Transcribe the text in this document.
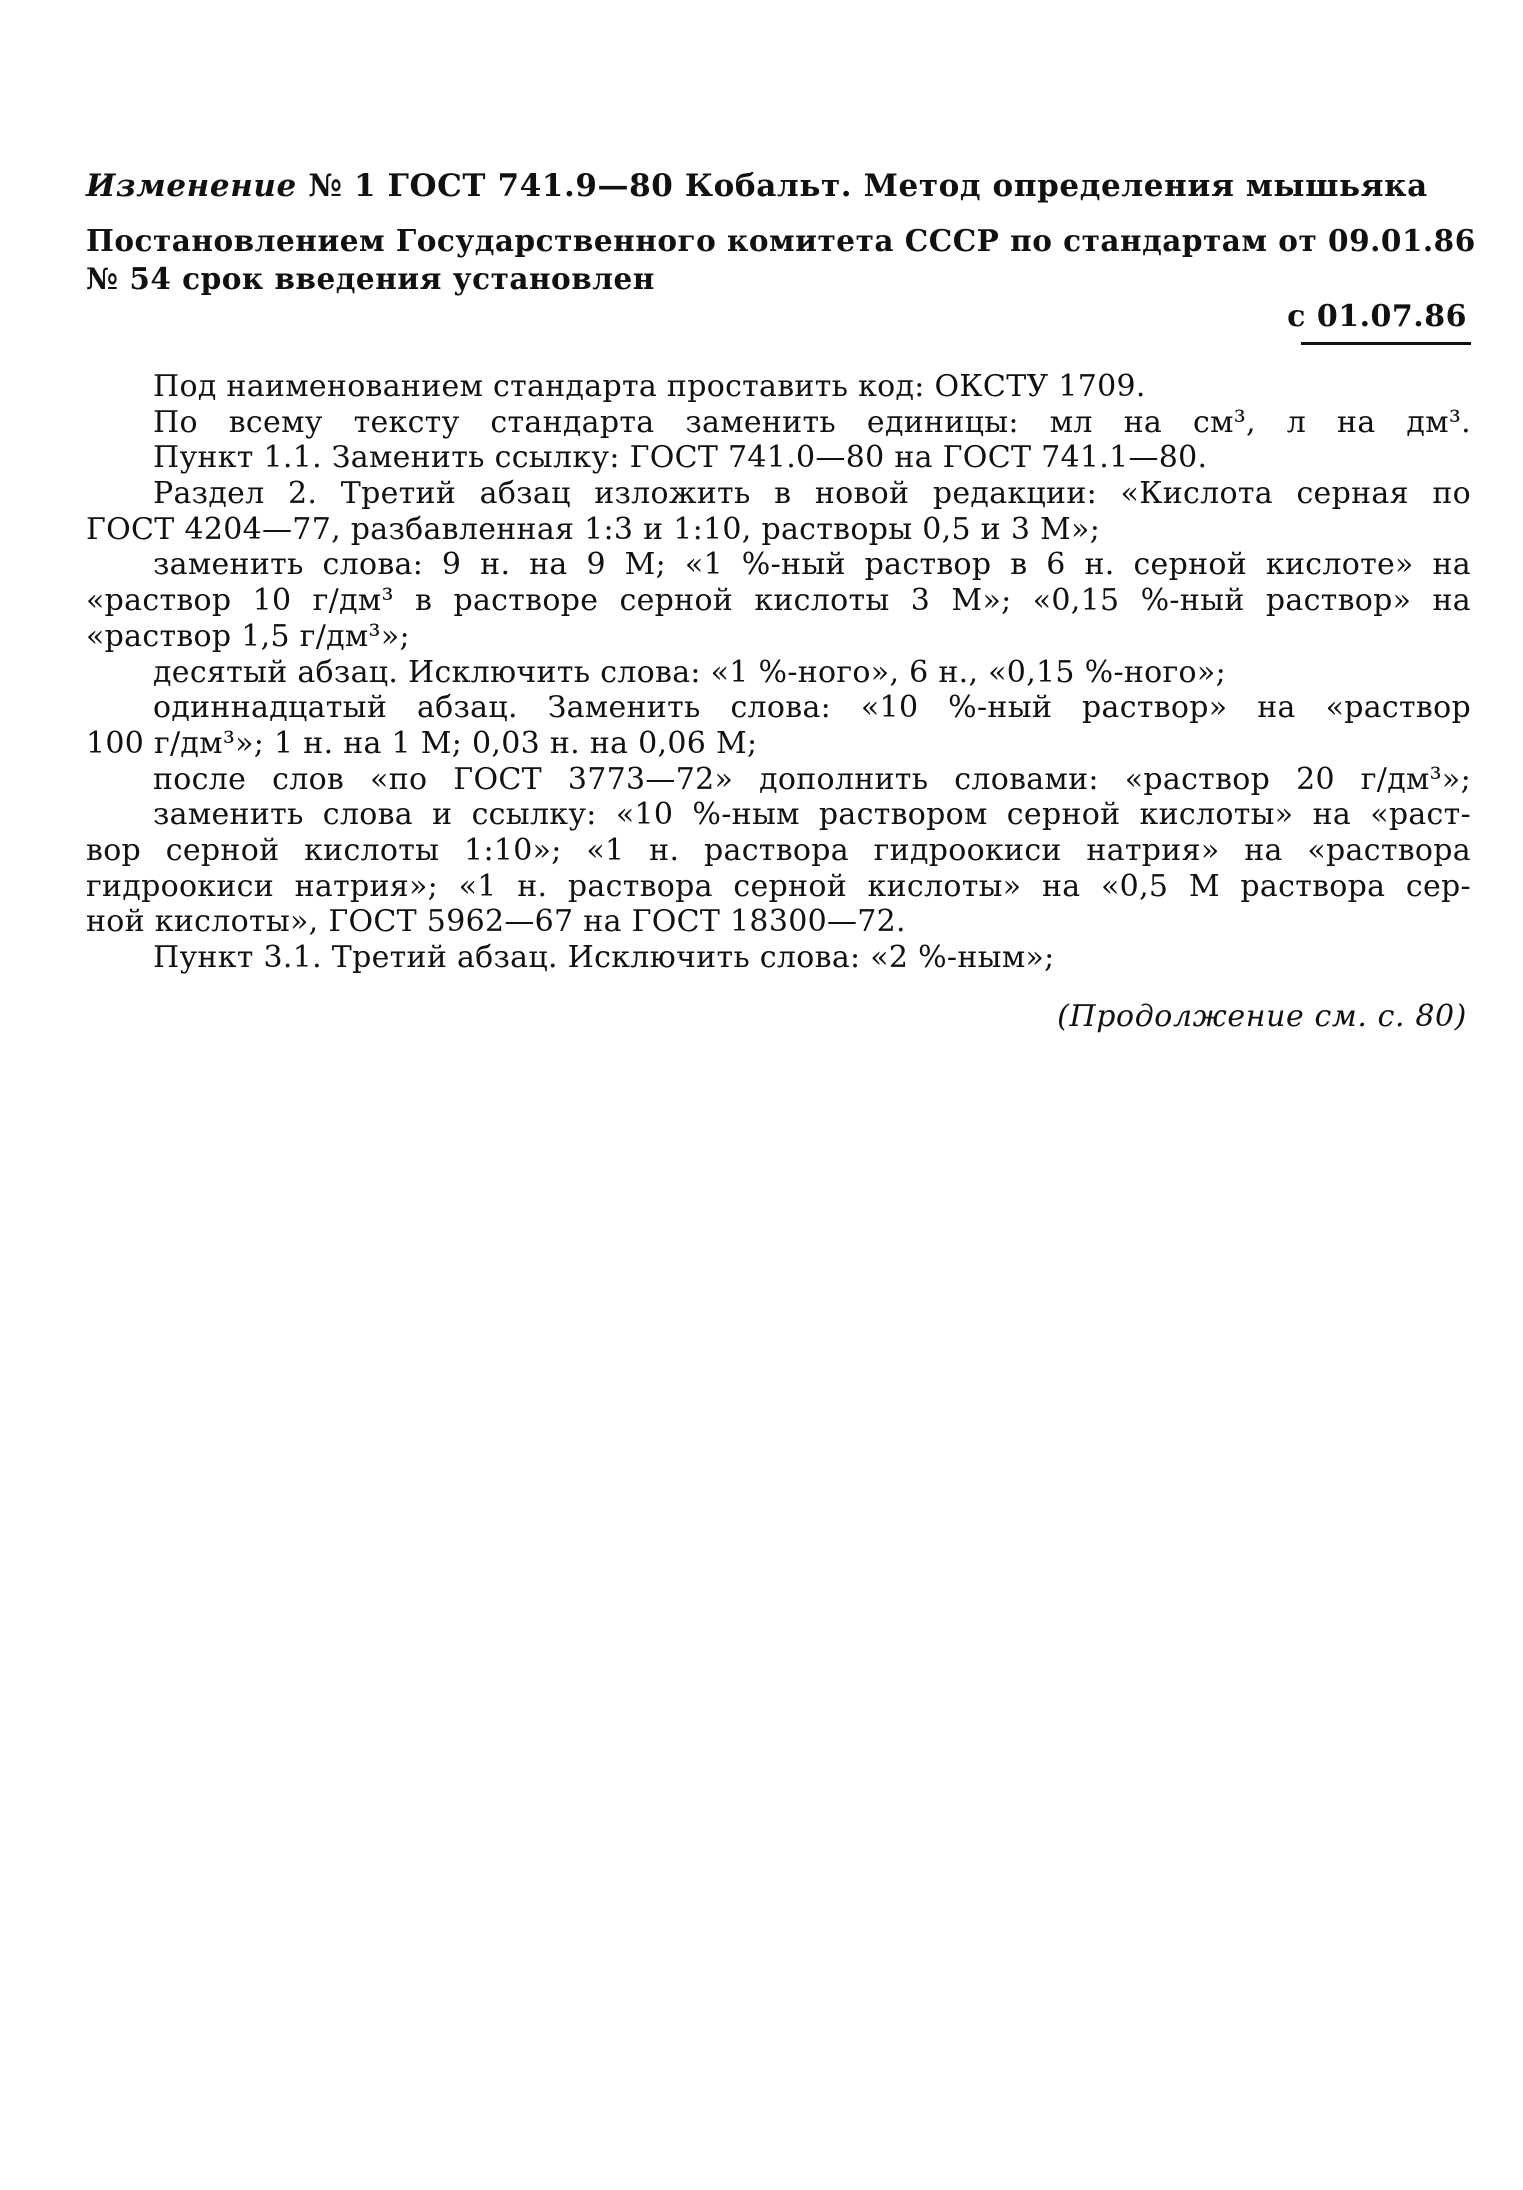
Изменение № 1 ГОСТ 741.9—80 Кобальт. Метод определения мышьяка
Постановлением Государственного комитета СССР по стандартам от 09.01.86
№ 54 срок введения установлен
с 01.07.86
Под наименованием стандарта проставить код: ОКСТУ 1709.
По всему тексту стандарта заменить единицы: мл на см³, л на дм³.
Пункт 1.1. Заменить ссылку: ГОСТ 741.0—80 на ГОСТ 741.1—80.
Раздел 2. Третий абзац изложить в новой редакции: «Кислота серная по
ГОСТ 4204—77, разбавленная 1:3 и 1:10, растворы 0,5 и 3 М»;
заменить слова: 9 н. на 9 М; «1 %-ный раствор в 6 н. серной кислоте» на
«раствор 10 г/дм³ в растворе серной кислоты 3 М»; «0,15 %-ный раствор» на
«раствор 1,5 г/дм³»;
десятый абзац. Исключить слова: «1 %-ного», 6 н., «0,15 %-ного»;
одиннадцатый абзац. Заменить слова: «10 %-ный раствор» на «раствор
100 г/дм³»; 1 н. на 1 М; 0,03 н. на 0,06 М;
после слов «по ГОСТ 3773—72» дополнить словами: «раствор 20 г/дм³»;
заменить слова и ссылку: «10 %-ным раствором серной кислоты» на «раст-
вор серной кислоты 1:10»; «1 н. раствора гидроокиси натрия» на «раствора
гидроокиси натрия»; «1 н. раствора серной кислоты» на «0,5 М раствора сер-
ной кислоты», ГОСТ 5962—67 на ГОСТ 18300—72.
Пункт 3.1. Третий абзац. Исключить слова: «2 %-ным»;
(Продолжение см. с. 80)
